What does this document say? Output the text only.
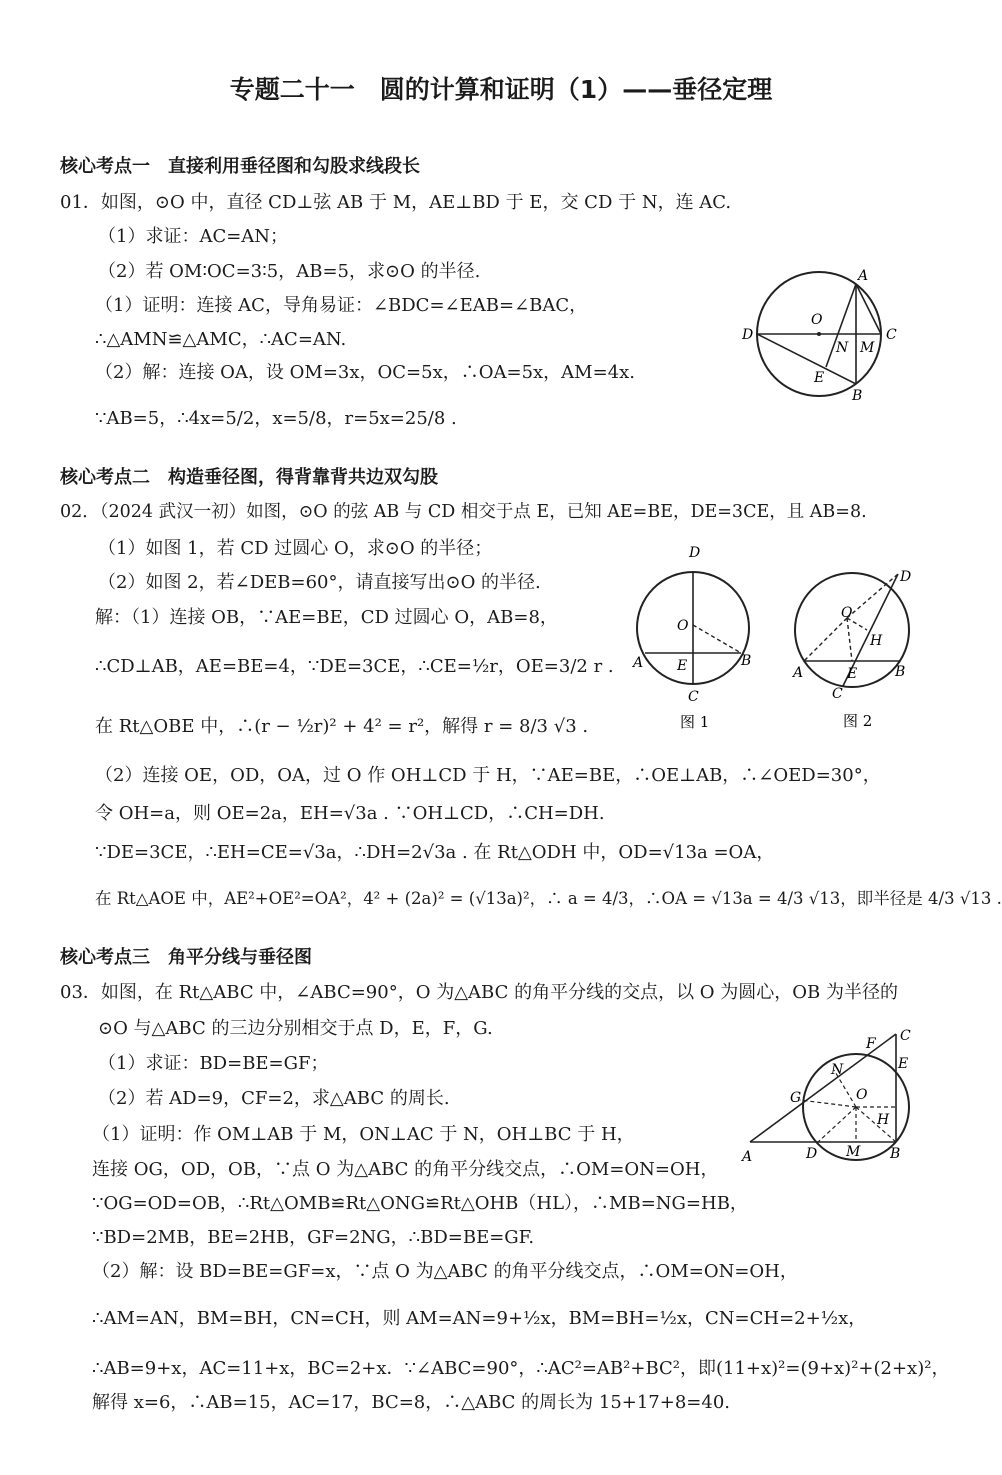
专题二十一　圆的计算和证明（1）——垂径定理
核心考点一　直接利用垂径图和勾股求线段长
01．如图，⊙O 中，直径 CD⊥弦 AB 于 M，AE⊥BD 于 E，交 CD 于 N，连 AC.
（1）求证：AC=AN；
（2）若 OM∶OC=3∶5，AB=5，求⊙O 的半径.
（1）证明：连接 AC，导角易证：∠BDC=∠EAB=∠BAC，
∴△AMN≌△AMC，∴AC=AN.
（2）解：连接 OA，设 OM=3x，OC=5x，∴OA=5x，AM=4x.
∵AB=5，∴4x=5/2，x=5/8，r=5x=25/8 .
A
O
D	C
N M
E
B
核心考点二　构造垂径图，得背靠背共边双勾股
02．（2024 武汉一初）如图，⊙O 的弦 AB 与 CD 相交于点 E，已知 AE=BE，DE=3CE，且 AB=8.
（1）如图 1，若 CD 过圆心 O，求⊙O 的半径；
（2）如图 2，若∠DEB=60°，请直接写出⊙O 的半径.
解：（1）连接 OB，∵AE=BE，CD 过圆心 O，AB=8，
∴CD⊥AB，AE=BE=4，∵DE=3CE，∴CE=½r，OE=3/2 r .
在 Rt△OBE 中，∴(r − ½r)² + 4² = r²，解得 r = 8/3 √3 .
（2）连接 OE，OD，OA，过 O 作 OH⊥CD 于 H，∵AE=BE，∴OE⊥AB，∴∠OED=30°，
令 OH=a，则 OE=2a，EH=√3a . ∵OH⊥CD，∴CH=DH.
∵DE=3CE，∴EH=CE=√3a，∴DH=2√3a . 在 Rt△ODH 中，OD=√13a =OA，
在 Rt△AOE 中，AE²+OE²=OA²，4² + (2a)² = (√13a)²，∴ a = 4/3，∴OA = √13a = 4/3 √13，即半径是 4/3 √13 .
D
O
A E	B
C
图 1
D
O
H
A	E	B
C
图 2
核心考点三　角平分线与垂径图
03．如图，在 Rt△ABC 中，∠ABC=90°，O 为△ABC 的角平分线的交点，以 O 为圆心，OB 为半径的
⊙O 与△ABC 的三边分别相交于点 D，E，F，G.
（1）求证：BD=BE=GF；
（2）若 AD=9，CF=2，求△ABC 的周长.
（1）证明：作 OM⊥AB 于 M，ON⊥AC 于 N，OH⊥BC 于 H，
连接 OG，OD，OB，∵点 O 为△ABC 的角平分线交点，∴OM=ON=OH，
∵OG=OD=OB，∴Rt△OMB≌Rt△ONG≌Rt△OHB（HL），∴MB=NG=HB，
∵BD=2MB，BE=2HB，GF=2NG，∴BD=BE=GF.
（2）解：设 BD=BE=GF=x，∵点 O 为△ABC 的角平分线交点，∴OM=ON=OH，
∴AM=AN，BM=BH，CN=CH，则 AM=AN=9+½x，BM=BH=½x，CN=CH=2+½x，
∴AB=9+x，AC=11+x，BC=2+x．∵∠ABC=90°，∴AC²=AB²+BC²，即(11+x)²=(9+x)²+(2+x)²，
解得 x=6，∴AB=15，AC=17，BC=8，∴△ABC 的周长为 15+17+8=40.
C
F
E
N
O
G
H
A	D M B
